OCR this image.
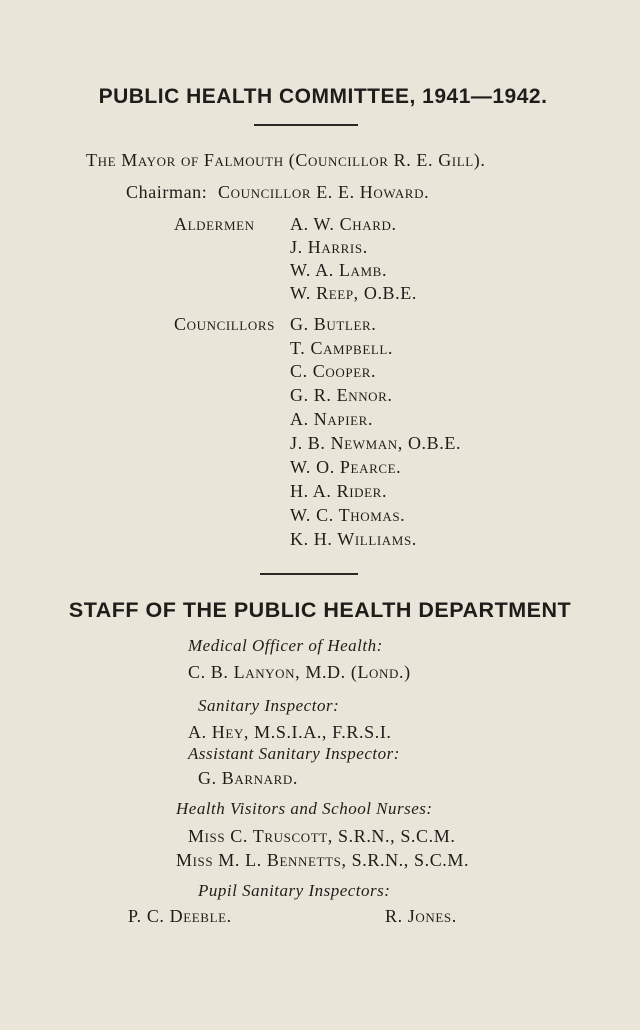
PUBLIC HEALTH COMMITTEE, 1941—1942.
The Mayor of Falmouth (Councillor R. E. Gill).
Chairman: Councillor E. E. Howard.
Aldermen A. W. Chard.
J. Harris.
W. A. Lamb.
W. Reep, O.B.E.
Councillors G. Butler.
T. Campbell.
C. Cooper.
G. R. Ennor.
A. Napier.
J. B. Newman, O.B.E.
W. O. Pearce.
H. A. Rider.
W. C. Thomas.
K. H. Williams.
STAFF OF THE PUBLIC HEALTH DEPARTMENT
Medical Officer of Health:
C. B. Lanyon, M.D. (Lond.)
Sanitary Inspector:
A. Hey, M.S.I.A., F.R.S.I.
Assistant Sanitary Inspector:
G. Barnard.
Health Visitors and School Nurses:
Miss C. Truscott, S.R.N., S.C.M.
Miss M. L. Bennetts, S.R.N., S.C.M.
Pupil Sanitary Inspectors:
P. C. Deeble.	R. Jones.
